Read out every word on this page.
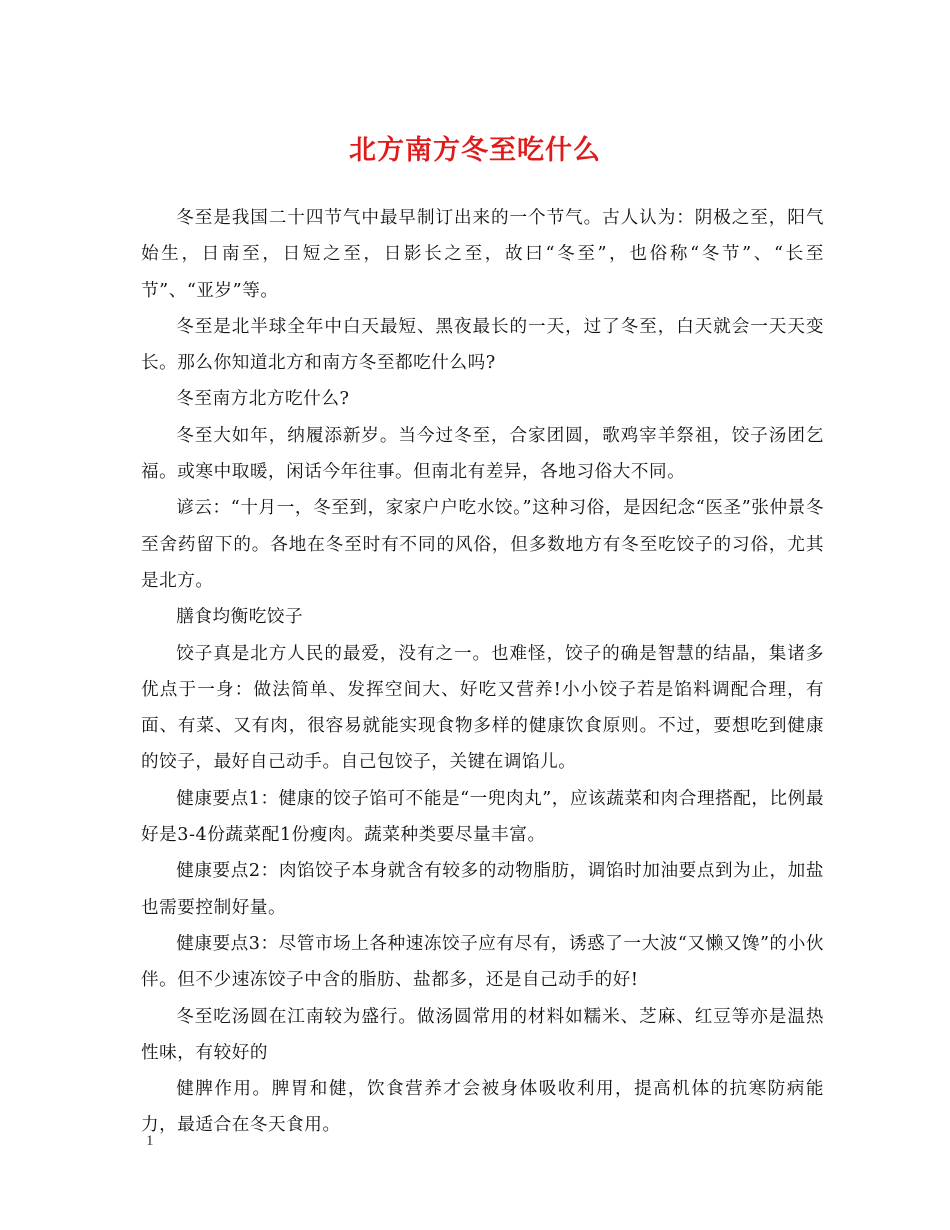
北方南方冬至吃什么

冬至是我国二十四节气中最早制订出来的一个节气。古人认为：阴极之至，阳气始生，日南至，日短之至，日影长之至，故曰“冬至”，也俗称“冬节”、“长至节”、“亚岁”等。

冬至是北半球全年中白天最短、黑夜最长的一天，过了冬至，白天就会一天天变长。那么你知道北方和南方冬至都吃什么吗?

冬至南方北方吃什么?

冬至大如年，纳履添新岁。当今过冬至，合家团圆，歌鸡宰羊祭祖，饺子汤团乞福。或寒中取暖，闲话今年往事。但南北有差异，各地习俗大不同。

谚云：“十月一，冬至到，家家户户吃水饺。”这种习俗，是因纪念“医圣”张仲景冬至舍药留下的。各地在冬至时有不同的风俗，但多数地方有冬至吃饺子的习俗，尤其是北方。

膳食均衡吃饺子

饺子真是北方人民的最爱，没有之一。也难怪，饺子的确是智慧的结晶，集诸多优点于一身：做法简单、发挥空间大、好吃又营养!小小饺子若是馅料调配合理，有面、有菜、又有肉，很容易就能实现食物多样的健康饮食原则。不过，要想吃到健康的饺子，最好自己动手。自己包饺子，关键在调馅儿。

健康要点1：健康的饺子馅可不能是“一兜肉丸”，应该蔬菜和肉合理搭配，比例最好是3-4份蔬菜配1份瘦肉。蔬菜种类要尽量丰富。

健康要点2：肉馅饺子本身就含有较多的动物脂肪，调馅时加油要点到为止，加盐也需要控制好量。

健康要点3：尽管市场上各种速冻饺子应有尽有，诱惑了一大波“又懒又馋”的小伙伴。但不少速冻饺子中含的脂肪、盐都多，还是自己动手的好!

冬至吃汤圆在江南较为盛行。做汤圆常用的材料如糯米、芝麻、红豆等亦是温热性味，有较好的

健脾作用。脾胃和健，饮食营养才会被身体吸收利用，提高机体的抗寒防病能力，最适合在冬天食用。

1
